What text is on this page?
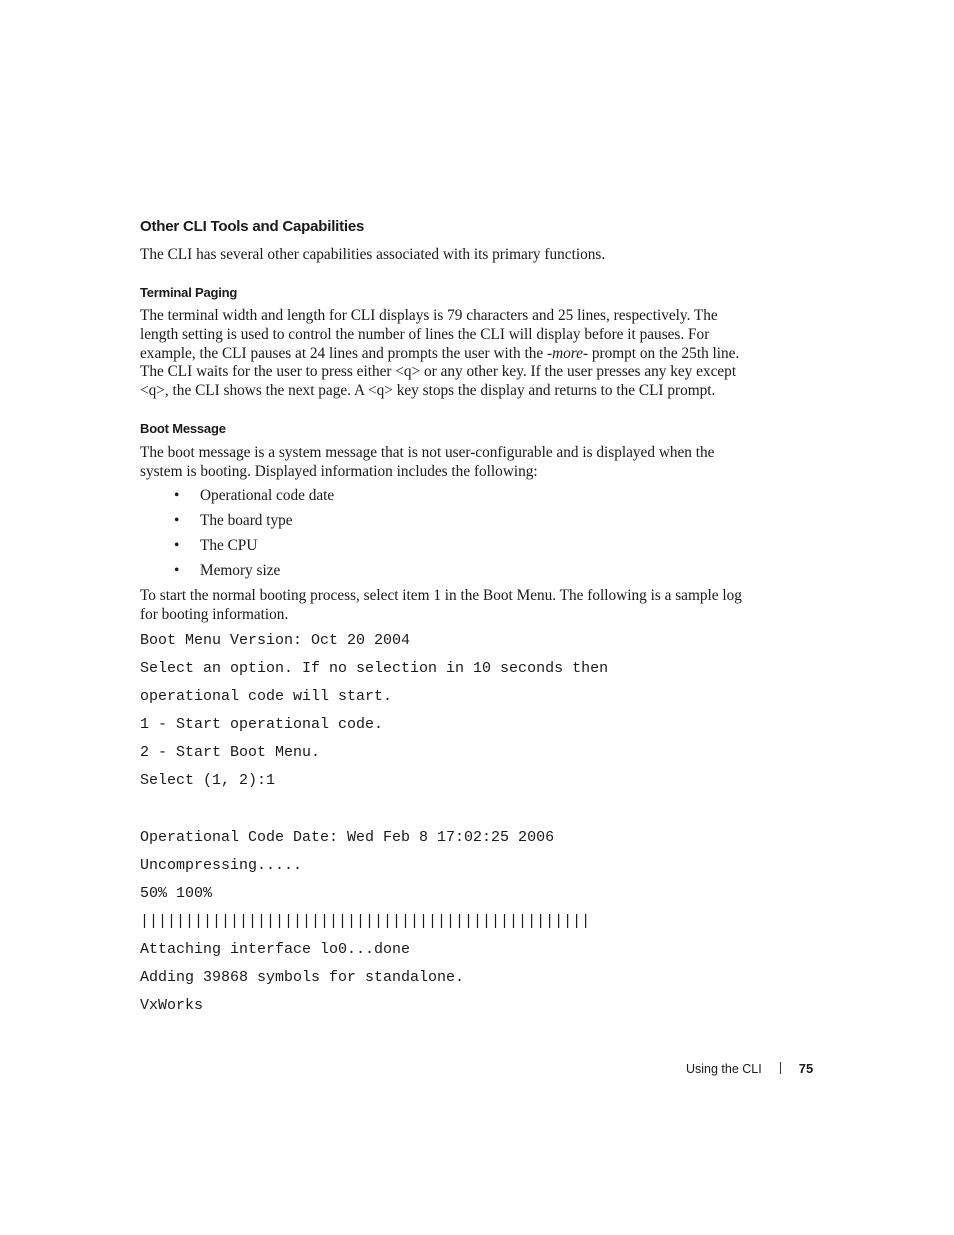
Other CLI Tools and Capabilities

The CLI has several other capabilities associated with its primary functions.

Terminal Paging

The terminal width and length for CLI displays is 79 characters and 25 lines, respectively. The
length setting is used to control the number of lines the CLI will display before it pauses. For
example, the CLI pauses at 24 lines and prompts the user with the -more- prompt on the 25th line.
The CLI waits for the user to press either <q> or any other key. If the user presses any key except
<q>, the CLI shows the next page. A <q> key stops the display and returns to the CLI prompt.

Boot Message

The boot message is a system message that is not user-configurable and is displayed when the
system is booting. Displayed information includes the following:

• Operational code date
• The board type
• The CPU
• Memory size

To start the normal booting process, select item 1 in the Boot Menu. The following is a sample log
for booting information.

Boot Menu Version: Oct 20 2004
Select an option. If no selection in 10 seconds then
operational code will start.
1 - Start operational code.
2 - Start Boot Menu.
Select (1, 2):1
Operational Code Date: Wed Feb 8 17:02:25 2006
Uncompressing.....
50% 100%
||||||||||||||||||||||||||||||||||||||||||||||||||
Attaching interface lo0...done
Adding 39868 symbols for standalone.
VxWorks
Using the CLI	75
